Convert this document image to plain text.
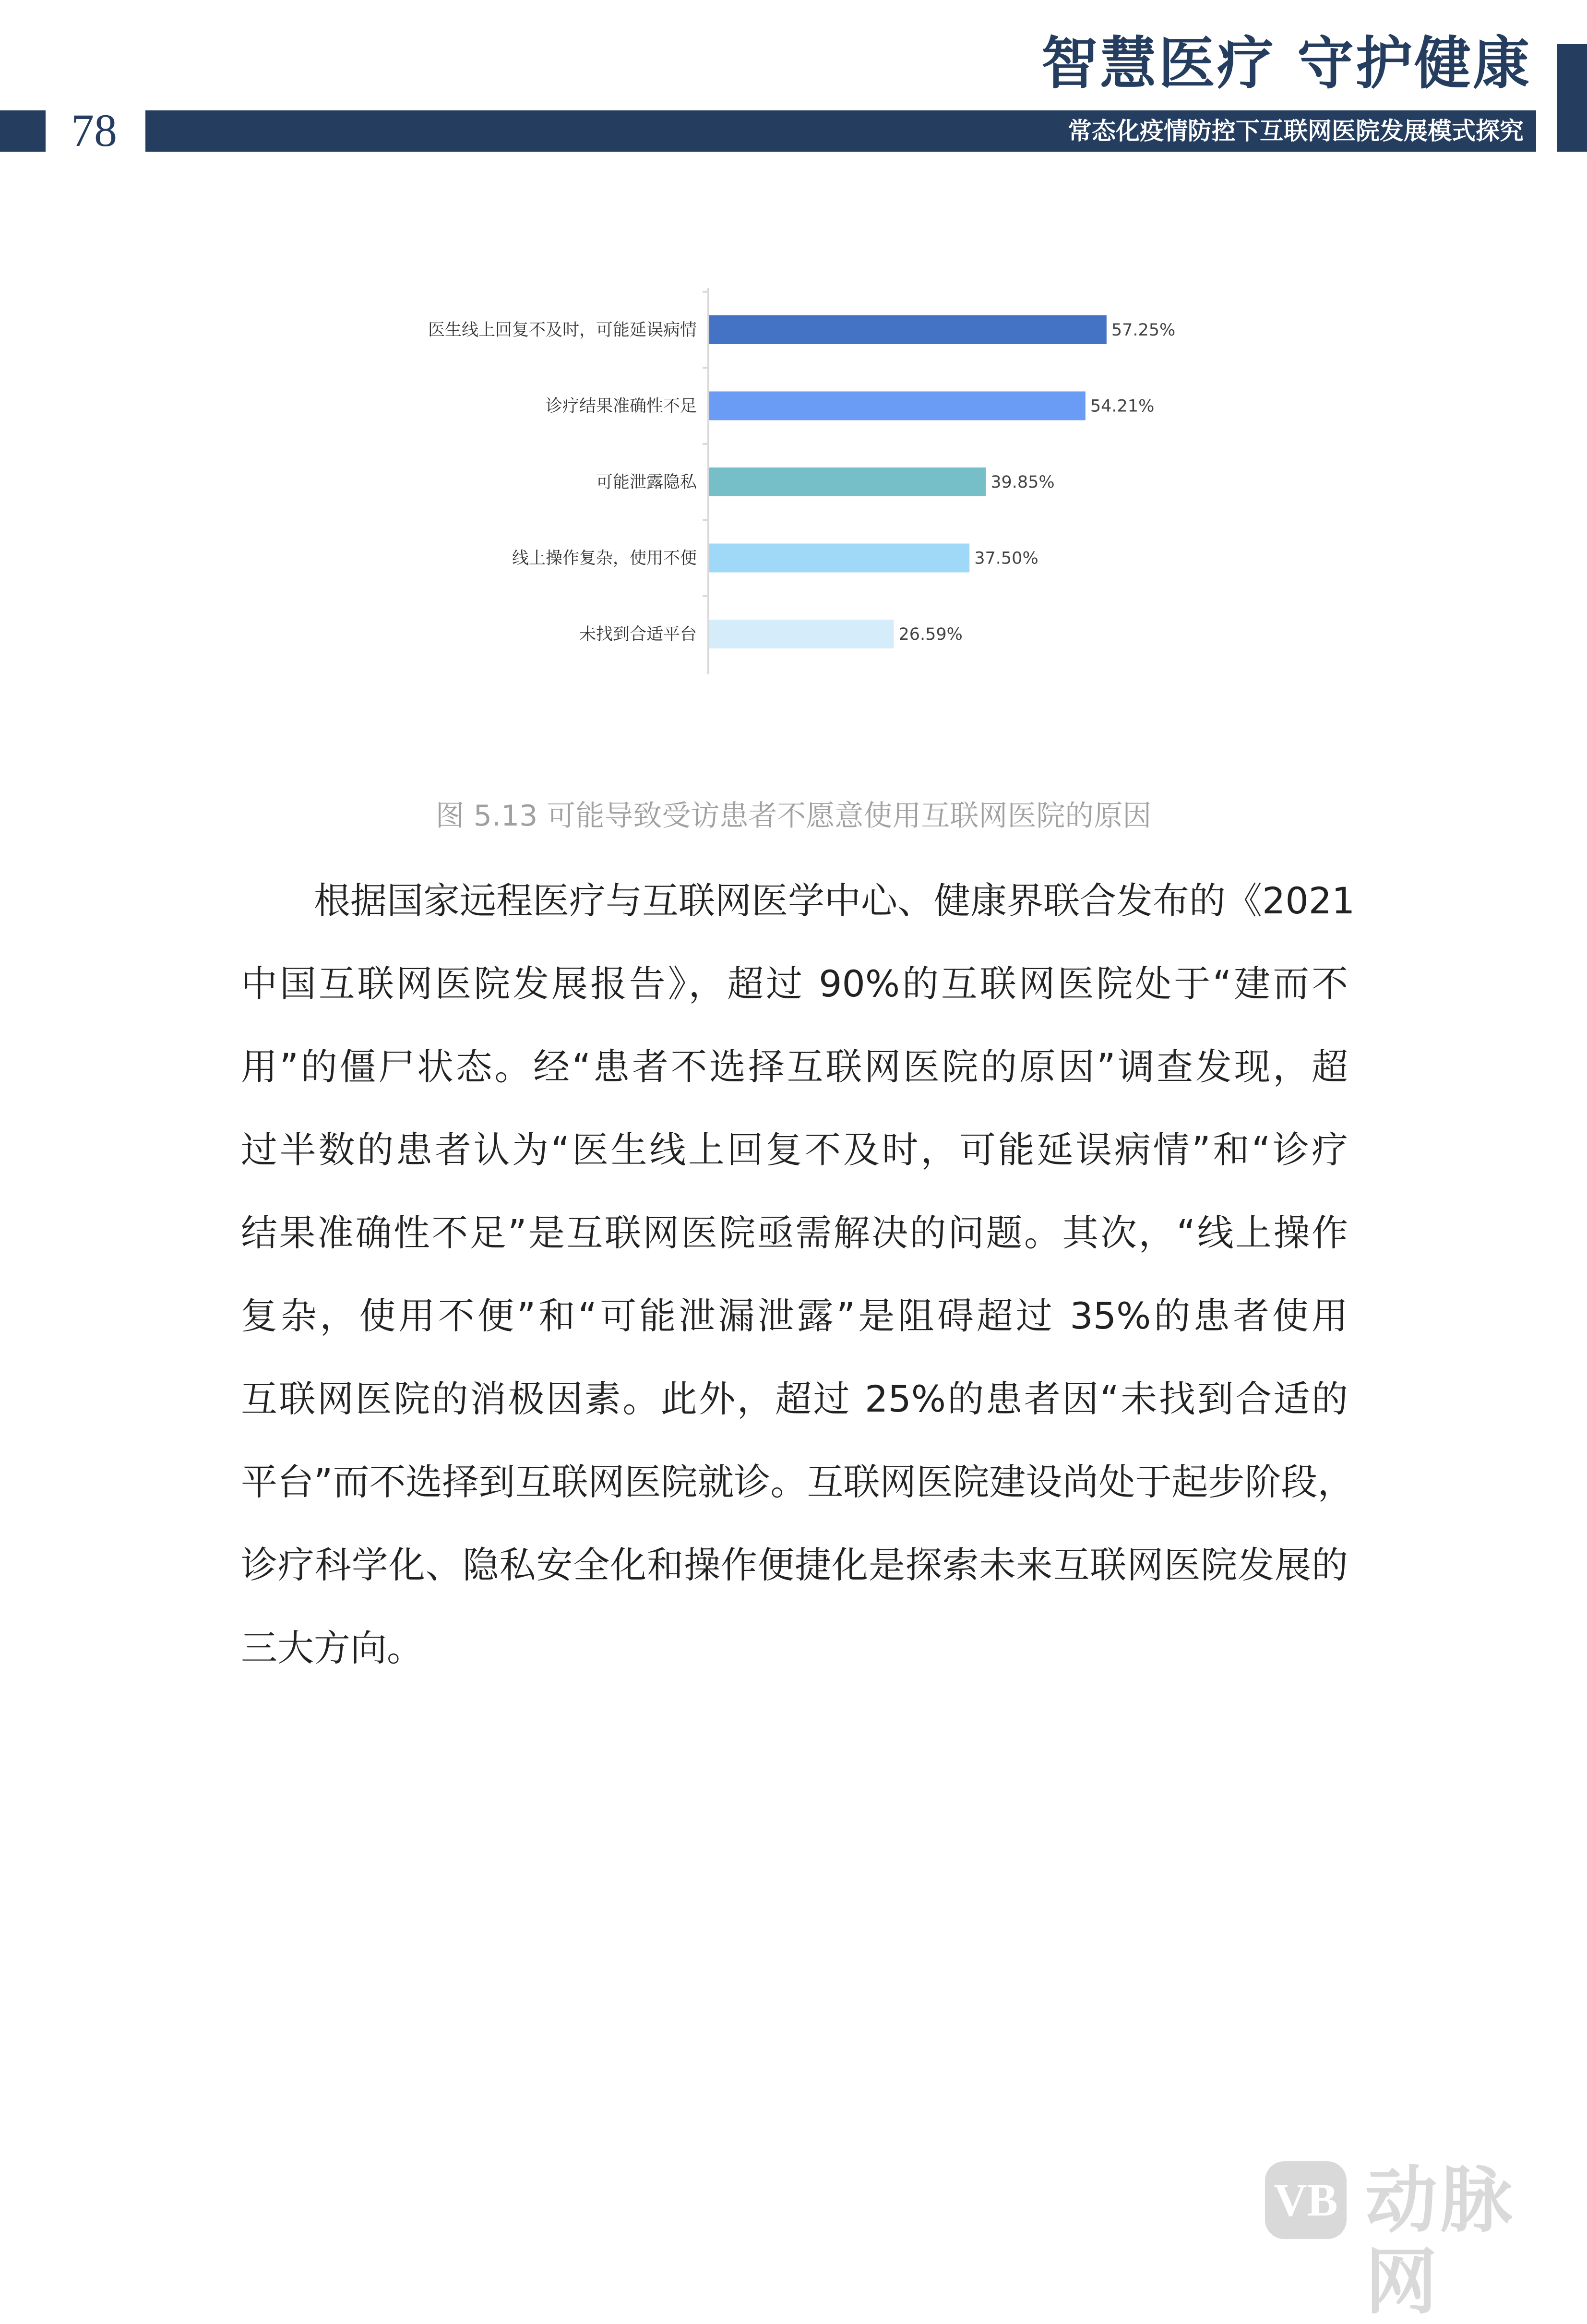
智慧医疗 守护健康
78	常态化疫情防控下互联网医院发展模式探究
医生线上回复不及时，可能延误病情	57.25%
诊疗结果准确性不足	54.21%
可能泄露隐私	39.85%
线上操作复杂，使用不便	37.50%
未找到合适平台	26.59%
图 5.13 可能导致受访患者不愿意使用互联网医院的原因
根据国家远程医疗与互联网医学中心、健康界联合发布的《2021
中国互联网医院发展报告》，超过 90%的互联网医院处于“建而不
用”的僵尸状态。经“患者不选择互联网医院的原因”调查发现，超
过半数的患者认为“医生线上回复不及时，可能延误病情”和“诊疗
结果准确性不足”是互联网医院亟需解决的问题。其次，“线上操作
复杂，使用不便”和“可能泄漏泄露”是阻碍超过 35%的患者使用
互联网医院的消极因素。此外，超过 25%的患者因“未找到合适的
平台”而不选择到互联网医院就诊。互联网医院建设尚处于起步阶段，
诊疗科学化、隐私安全化和操作便捷化是探索未来互联网医院发展的
三大方向。
VB 动脉网
